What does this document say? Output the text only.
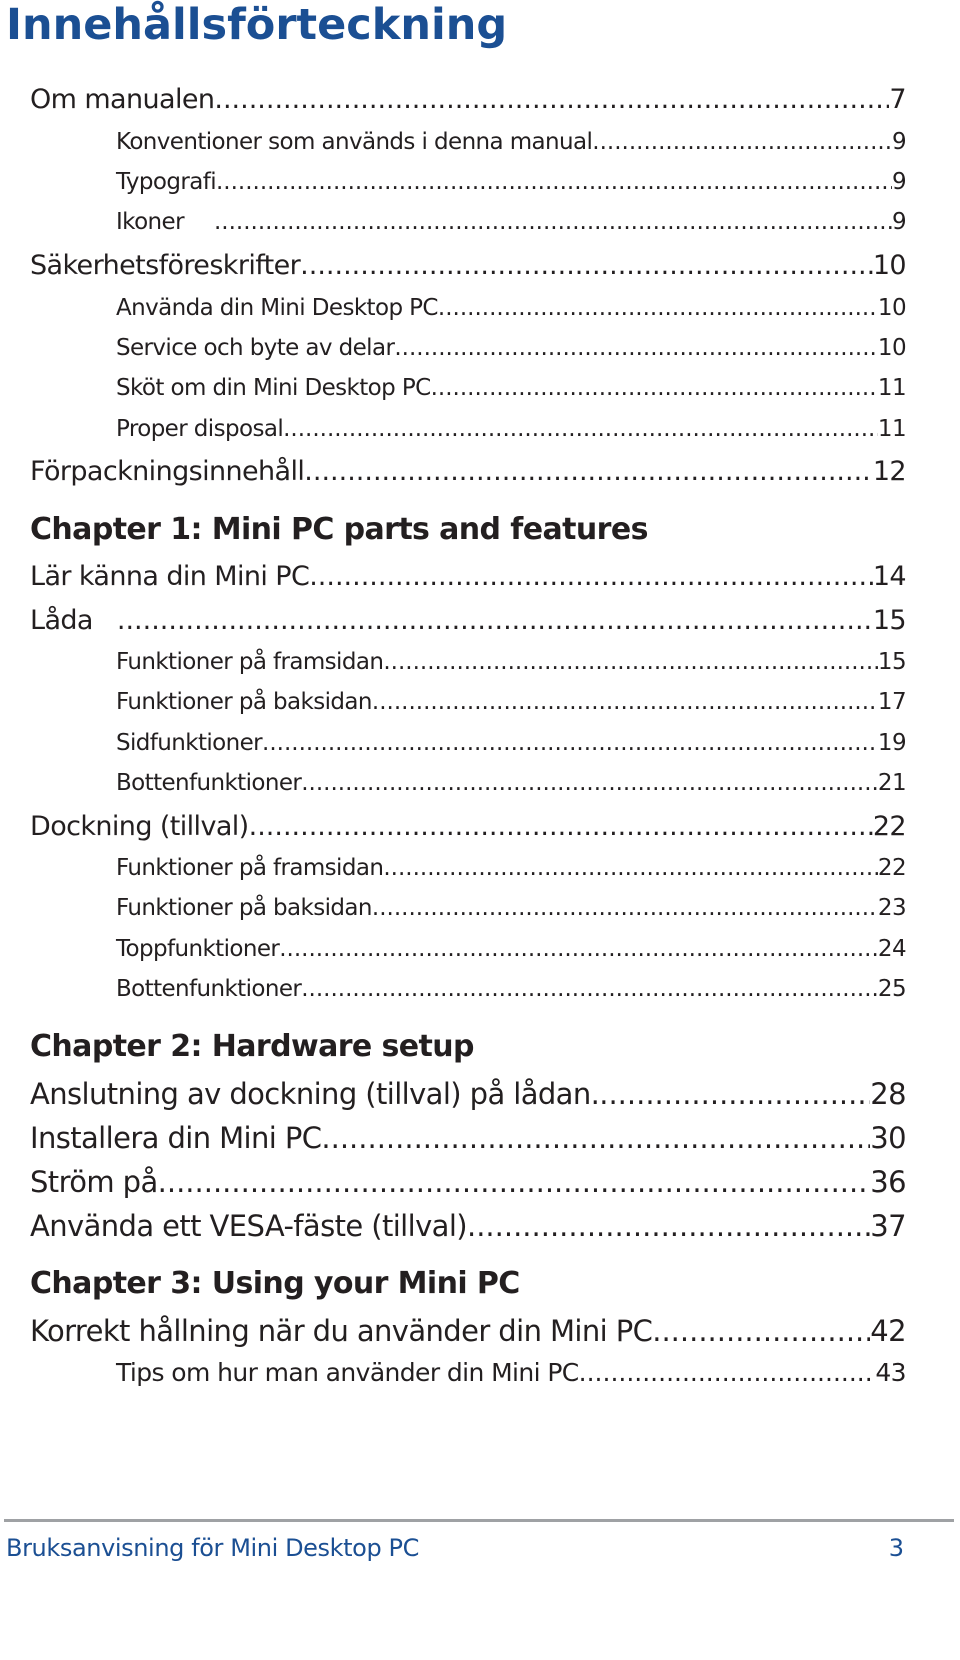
Innehållsförteckning
Om manualen .....	7
Konventioner som används i denna manual .....	9
Typografi .....	9
Ikoner .....	9
Säkerhetsföreskrifter .....	10
Använda din Mini Desktop PC .....	10
Service och byte av delar .....	10
Sköt om din Mini Desktop PC .....	11
Proper disposal .....	11
Förpackningsinnehåll .....	12
Chapter 1: Mini PC parts and features
Lär känna din Mini PC .....	14
Låda .....	15
Funktioner på framsidan .....	15
Funktioner på baksidan .....	17
Sidfunktioner .....	19
Bottenfunktioner .....	21
Dockning (tillval) .....	22
Funktioner på framsidan .....	22
Funktioner på baksidan .....	23
Toppfunktioner .....	24
Bottenfunktioner .....	25
Chapter 2: Hardware setup
Anslutning av dockning (tillval) på lådan. .....	28
Installera din Mini PC .....	30
Ström på .....	36
Använda ett VESA-fäste (tillval) .....	37
Chapter 3: Using your Mini PC
Korrekt hållning när du använder din Mini PC .....	42
Tips om hur man använder din Mini PC .....	43
Bruksanvisning för Mini Desktop PC	3
